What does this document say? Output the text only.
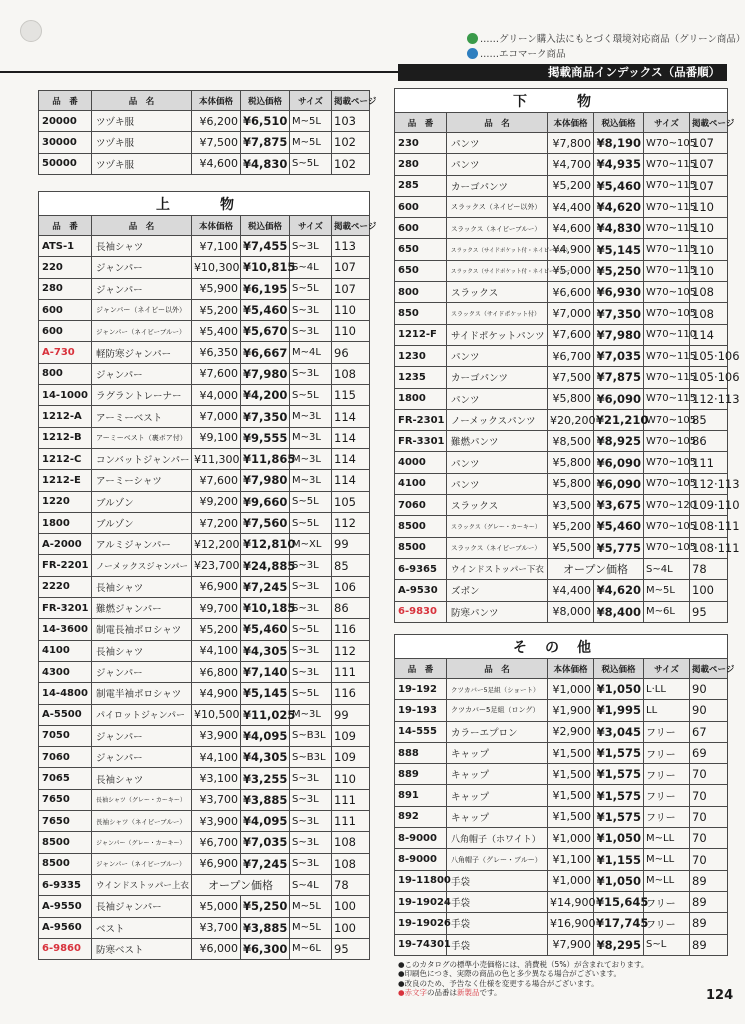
……グリーン購入法にもとづく環境対応商品（グリーン商品）
……エコマーク商品
掲載商品インデックス（品番順）
品　番	品　名	本体価格	税込価格	サイズ	掲載ページ
20000	ツヅキ服	¥6,200	¥6,510	M~5L	103
30000	ツヅキ服	¥7,500	¥7,875	M~5L	102
50000	ツヅキ服	¥4,600	¥4,830	S~5L	102
上　物					
品　番	品　名	本体価格	税込価格	サイズ	掲載ページ
ATS-1	長袖シャツ	¥7,100	¥7,455	S~3L	113
220	ジャンパー	¥10,300	¥10,815	S~4L	107
280	ジャンパー	¥5,900	¥6,195	S~5L	107
600	ジャンパー（ネイビー以外）	¥5,200	¥5,460	S~3L	110
600	ジャンパー（ネイビーブルー）	¥5,400	¥5,670	S~3L	110
A-730	軽防寒ジャンパー	¥6,350	¥6,667	M~4L	96
800	ジャンパー	¥7,600	¥7,980	S~3L	108
14-1000	ラグラントレーナー	¥4,000	¥4,200	S~5L	115
1212-A	アーミーベスト	¥7,000	¥7,350	M~3L	114
1212-B	アーミーベスト（裏ボア付）	¥9,100	¥9,555	M~3L	114
1212-C	コンバットジャンパー	¥11,300	¥11,865	M~3L	114
1212-E	アーミーシャツ	¥7,600	¥7,980	M~3L	114
1220	ブルゾン	¥9,200	¥9,660	S~5L	105
1800	ブルゾン	¥7,200	¥7,560	S~5L	112
A-2000	アルミジャンパー	¥12,200	¥12,810	M~XL	99
FR-2201	ノーメックスジャンパー	¥23,700	¥24,885	S~3L	85
2220	長袖シャツ	¥6,900	¥7,245	S~3L	106
FR-3201	難燃ジャンパー	¥9,700	¥10,185	S~3L	86
14-3600	制電長袖ポロシャツ	¥5,200	¥5,460	S~5L	116
4100	長袖シャツ	¥4,100	¥4,305	S~3L	112
4300	ジャンパー	¥6,800	¥7,140	S~3L	111
14-4800	制電半袖ポロシャツ	¥4,900	¥5,145	S~5L	116
A-5500	パイロットジャンパー	¥10,500	¥11,025	M~3L	99
7050	ジャンパー	¥3,900	¥4,095	S~B3L	109
7060	ジャンパー	¥4,100	¥4,305	S~B3L	109
7065	長袖シャツ	¥3,100	¥3,255	S~3L	110
7650	長袖シャツ（グレー・カーキー）	¥3,700	¥3,885	S~3L	111
7650	長袖シャツ（ネイビーブルー）	¥3,900	¥4,095	S~3L	111
8500	ジャンパー（グレー・カーキー）	¥6,700	¥7,035	S~3L	108
8500	ジャンパー（ネイビーブルー）	¥6,900	¥7,245	S~3L	108
6-9335	ウインドストッパー上衣	オープン価格		S~4L	78
A-9550	長袖ジャンパー	¥5,000	¥5,250	M~5L	100
A-9560	ベスト	¥3,700	¥3,885	M~5L	100
6-9860	防寒ベスト	¥6,000	¥6,300	M~6L	95
下　物					
品　番	品　名	本体価格	税込価格	サイズ	掲載ページ
230	パンツ	¥7,800	¥8,190	W70~105	107
280	パンツ	¥4,700	¥4,935	W70~115	107
285	カーゴパンツ	¥5,200	¥5,460	W70~115	107
600	スラックス（ネイビー以外）	¥4,400	¥4,620	W70~115	110
600	スラックス（ネイビーブルー）	¥4,600	¥4,830	W70~115	110
650	スラックス（サイドポケット付・ネイビー以外）	¥4,900	¥5,145	W70~115	110
650	スラックス（サイドポケット付・ネイビーブルー）	¥5,000	¥5,250	W70~115	110
800	スラックス	¥6,600	¥6,930	W70~105	108
850	スラックス（サイドポケット付）	¥7,000	¥7,350	W70~105	108
1212-F	サイドポケットパンツ	¥7,600	¥7,980	W70~110	114
1230	パンツ	¥6,700	¥7,035	W70~115	105·106
1235	カーゴパンツ	¥7,500	¥7,875	W70~115	105·106
1800	パンツ	¥5,800	¥6,090	W70~115	112·113
FR-2301	ノーメックスパンツ	¥20,200	¥21,210	W70~105	85
FR-3301	難燃パンツ	¥8,500	¥8,925	W70~105	86
4000	パンツ	¥5,800	¥6,090	W70~105	111
4100	パンツ	¥5,800	¥6,090	W70~105	112·113
7060	スラックス	¥3,500	¥3,675	W70~120	109·110
8500	スラックス（グレー・カーキー）	¥5,200	¥5,460	W70~105	108·111
8500	スラックス（ネイビーブルー）	¥5,500	¥5,775	W70~105	108·111
6-9365	ウインドストッパー下衣	オープン価格		S~4L	78
A-9530	ズボン	¥4,400	¥4,620	M~5L	100
6-9830	防寒パンツ	¥8,000	¥8,400	M~6L	95
その他					
品　番	品　名	本体価格	税込価格	サイズ	掲載ページ
19-192	クツカバー5足組（ショート）	¥1,000	¥1,050	L·LL	90
19-193	クツカバー5足組（ロング）	¥1,900	¥1,995	LL	90
14-555	カラーエプロン	¥2,900	¥3,045	フリー	67
888	キャップ	¥1,500	¥1,575	フリー	69
889	キャップ	¥1,500	¥1,575	フリー	70
891	キャップ	¥1,500	¥1,575	フリー	70
892	キャップ	¥1,500	¥1,575	フリー	70
8-9000	八角帽子（ホワイト）	¥1,000	¥1,050	M~LL	70
8-9000	八角帽子（グレー・ブルー）	¥1,100	¥1,155	M~LL	70
19-11800	手袋	¥1,000	¥1,050	M~LL	89
19-19024	手袋	¥14,900	¥15,645	フリー	89
19-19026	手袋	¥16,900	¥17,745	フリー	89
19-74301	手袋	¥7,900	¥8,295	S~L	89
●このカタログの標準小売価格には、消費税（5%）が含まれております。
●印刷色につき、実際の商品の色と多少異なる場合がございます。
●改良のため、予告なく仕様を変更する場合がございます。
●赤文字の品番は新製品です。	124
